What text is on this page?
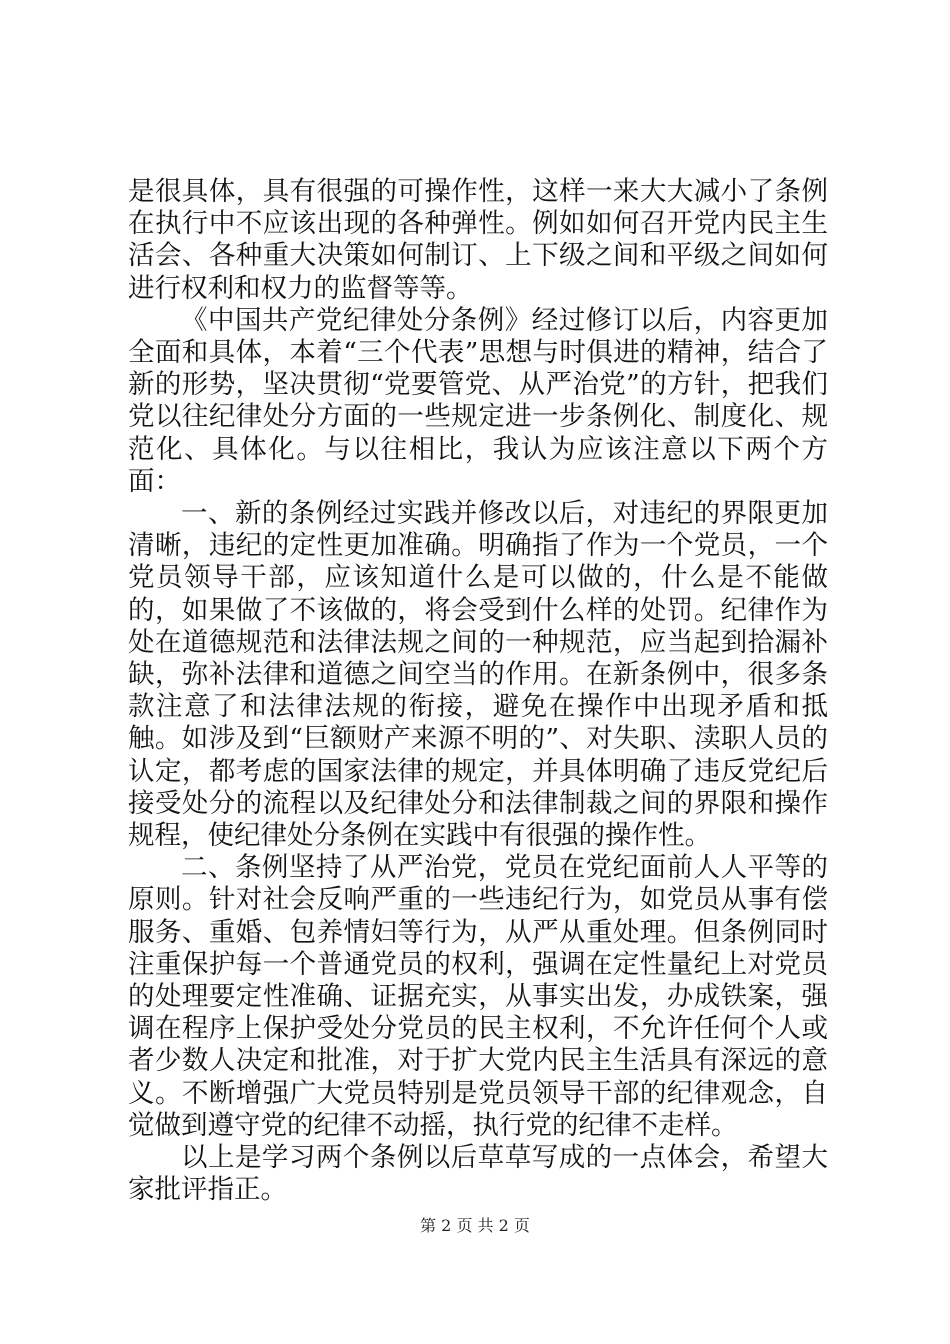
是很具体，具有很强的可操作性，这样一来大大减小了条例在执行中不应该出现的各种弹性。例如如何召开党内民主生活会、各种重大决策如何制订、上下级之间和平级之间如何进行权利和权力的监督等等。

《中国共产党纪律处分条例》经过修订以后，内容更加全面和具体，本着“三个代表”思想与时俱进的精神，结合了新的形势，坚决贯彻“党要管党、从严治党”的方针，把我们党以往纪律处分方面的一些规定进一步条例化、制度化、规范化、具体化。与以往相比，我认为应该注意以下两个方面：

一、新的条例经过实践并修改以后，对违纪的界限更加清晰，违纪的定性更加准确。明确指了作为一个党员，一个党员领导干部，应该知道什么是可以做的，什么是不能做的，如果做了不该做的，将会受到什么样的处罚。纪律作为处在道德规范和法律法规之间的一种规范，应当起到拾漏补缺，弥补法律和道德之间空当的作用。在新条例中，很多条款注意了和法律法规的衔接，避免在操作中出现矛盾和抵触。如涉及到“巨额财产来源不明的”、对失职、渎职人员的认定，都考虑的国家法律的规定，并具体明确了违反党纪后接受处分的流程以及纪律处分和法律制裁之间的界限和操作规程，使纪律处分条例在实践中有很强的操作性。

二、条例坚持了从严治党，党员在党纪面前人人平等的原则。针对社会反响严重的一些违纪行为，如党员从事有偿服务、重婚、包养情妇等行为，从严从重处理。但条例同时注重保护每一个普通党员的权利，强调在定性量纪上对党员的处理要定性准确、证据充实，从事实出发，办成铁案，强调在程序上保护受处分党员的民主权利，不允许任何个人或者少数人决定和批准，对于扩大党内民主生活具有深远的意义。不断增强广大党员特别是党员领导干部的纪律观念，自觉做到遵守党的纪律不动摇，执行党的纪律不走样。

以上是学习两个条例以后草草写成的一点体会，希望大家批评指正。

第 2 页 共 2 页
